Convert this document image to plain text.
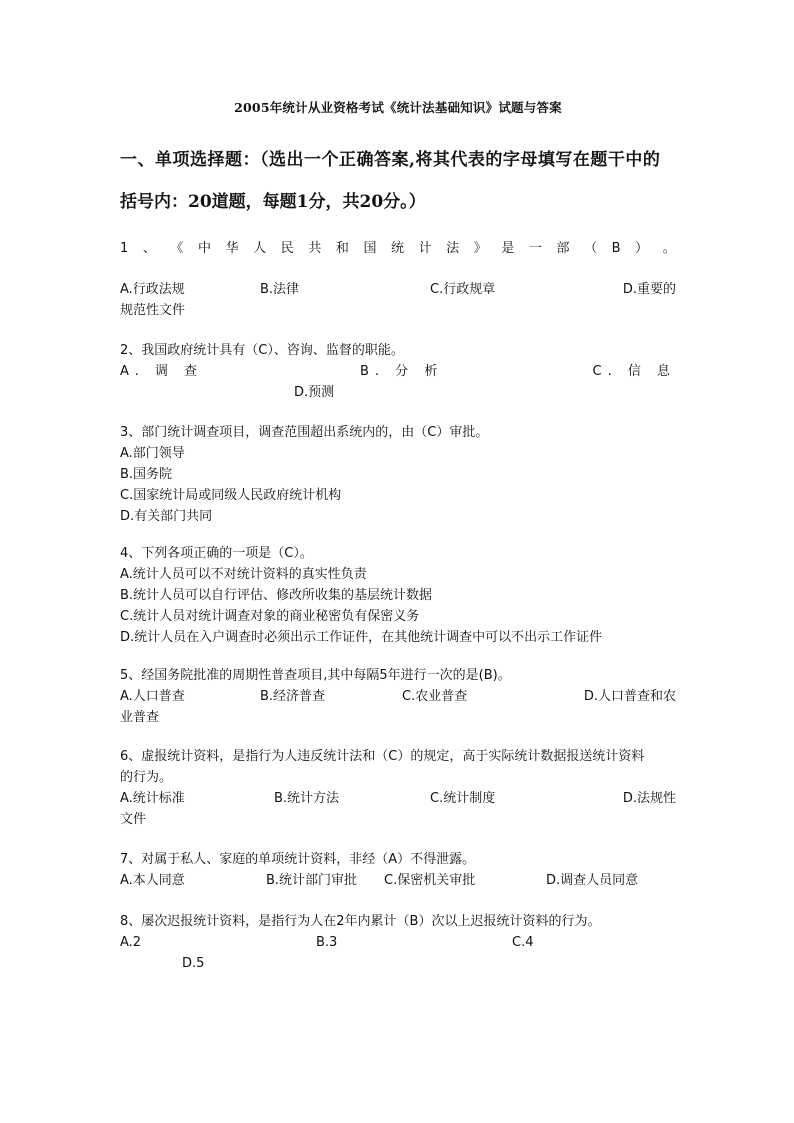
2005年统计从业资格考试《统计法基础知识》试题与答案
一、单项选择题：（选出一个正确答案,将其代表的字母填写在题干中的
括号内：20道题，每题1分，共20分。）
1 、 《 中 华 人 民 共 和 国 统 计 法 》 是 一 部 （ B ） 。
A.行政法规	B.法律	C.行政规章	D.重要的
规范性文件
2、我国政府统计具有（C）、咨询、监督的职能。
A. 调 查	B. 分 析	C. 信 息
D.预测
3、部门统计调查项目，调查范围超出系统内的，由（C）审批。
A.部门领导
B.国务院
C.国家统计局或同级人民政府统计机构
D.有关部门共同
4、下列各项正确的一项是（C）。
A.统计人员可以不对统计资料的真实性负责
B.统计人员可以自行评估、修改所收集的基层统计数据
C.统计人员对统计调查对象的商业秘密负有保密义务
D.统计人员在入户调查时必须出示工作证件，在其他统计调查中可以不出示工作证件
5、经国务院批准的周期性普查项目,其中每隔5年进行一次的是(B)。
A.人口普查	B.经济普查	C.农业普查	D.人口普查和农
业普查
6、虚报统计资料，是指行为人违反统计法和（C）的规定，高于实际统计数据报送统计资料
的行为。
A.统计标准	B.统计方法	C.统计制度	D.法规性
文件
7、对属于私人、家庭的单项统计资料，非经（A）不得泄露。
A.本人同意	B.统计部门审批 C.保密机关审批	D.调查人员同意
8、屡次迟报统计资料，是指行为人在2年内累计（B）次以上迟报统计资料的行为。
A.2	B.3	C.4
D.5
